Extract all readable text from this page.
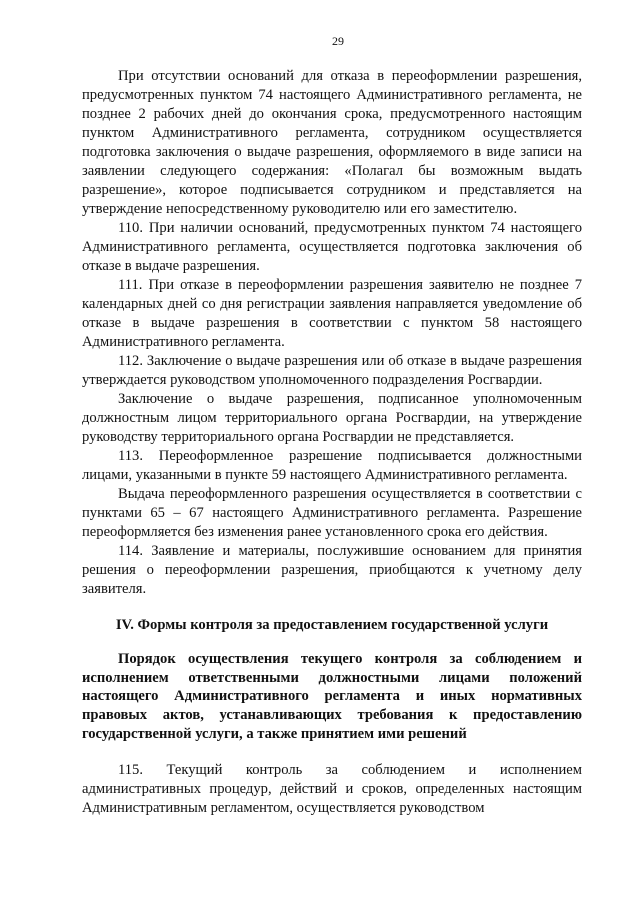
29

При отсутствии оснований для отказа в переоформлении разрешения, предусмотренных пунктом 74 настоящего Административного регламента, не позднее 2 рабочих дней до окончания срока, предусмотренного настоящим пунктом Административного регламента, сотрудником осуществляется подготовка заключения о выдаче разрешения, оформляемого в виде записи на заявлении следующего содержания: «Полагал бы возможным выдать разрешение», которое подписывается сотрудником и представляется на утверждение непосредственному руководителю или его заместителю.

110. При наличии оснований, предусмотренных пунктом 74 настоящего Административного регламента, осуществляется подготовка заключения об отказе в выдаче разрешения.

111. При отказе в переоформлении разрешения заявителю не позднее 7 календарных дней со дня регистрации заявления направляется уведомление об отказе в выдаче разрешения в соответствии с пунктом 58 настоящего Административного регламента.

112. Заключение о выдаче разрешения или об отказе в выдаче разрешения утверждается руководством уполномоченного подразделения Росгвардии.

Заключение о выдаче разрешения, подписанное уполномоченным должностным лицом территориального органа Росгвардии, на утверждение руководству территориального органа Росгвардии не представляется.

113. Переоформленное разрешение подписывается должностными лицами, указанными в пункте 59 настоящего Административного регламента.

Выдача переоформленного разрешения осуществляется в соответствии с пунктами 65 – 67 настоящего Административного регламента. Разрешение переоформляется без изменения ранее установленного срока его действия.

114. Заявление и материалы, послужившие основанием для принятия решения о переоформлении разрешения, приобщаются к учетному делу заявителя.

IV. Формы контроля за предоставлением государственной услуги
Порядок осуществления текущего контроля за соблюдением и исполнением ответственными должностными лицами положений настоящего Административного регламента и иных нормативных правовых актов, устанавливающих требования к предоставлению государственной услуги, а также принятием ими решений

115. Текущий контроль за соблюдением и исполнением административных процедур, действий и сроков, определенных настоящим Административным регламентом, осуществляется руководством
